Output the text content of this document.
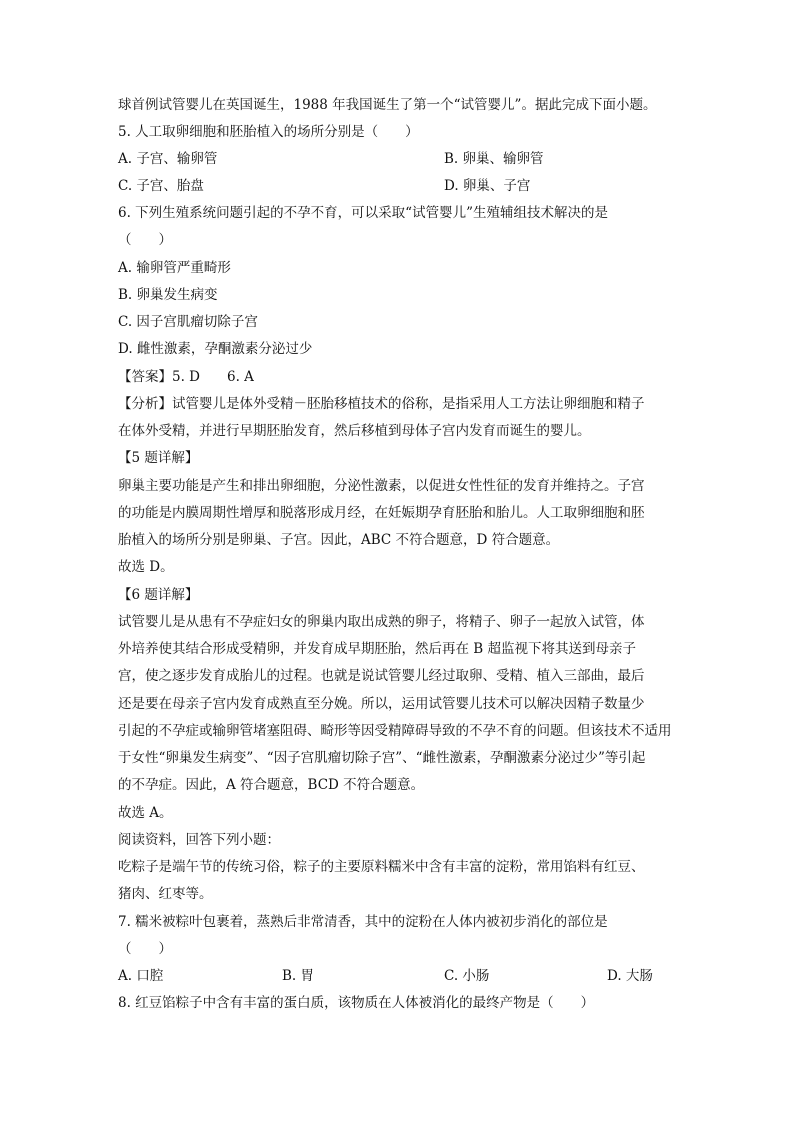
球首例试管婴儿在英国诞生，1988 年我国诞生了第一个“试管婴儿”。据此完成下面小题。
5. 人工取卵细胞和胚胎植入的场所分别是（　　）
A. 子宫、输卵管	B. 卵巢、输卵管
C. 子宫、胎盘	D. 卵巢、子宫
6. 下列生殖系统问题引起的不孕不育，可以采取“试管婴儿”生殖辅组技术解决的是
（　　）
A. 输卵管严重畸形
B. 卵巢发生病变
C. 因子宫肌瘤切除子宫
D. 雌性激素，孕酮激素分泌过少
【答案】5. D　　6. A
【分析】试管婴儿是体外受精－胚胎移植技术的俗称，是指采用人工方法让卵细胞和精子
在体外受精，并进行早期胚胎发育，然后移植到母体子宫内发育而诞生的婴儿。
【5 题详解】
卵巢主要功能是产生和排出卵细胞，分泌性激素，以促进女性性征的发育并维持之。子宫
的功能是内膜周期性增厚和脱落形成月经，在妊娠期孕育胚胎和胎儿。人工取卵细胞和胚
胎植入的场所分别是卵巢、子宫。因此，ABC 不符合题意，D 符合题意。
故选 D。
【6 题详解】
试管婴儿是从患有不孕症妇女的卵巢内取出成熟的卵子，将精子、卵子一起放入试管，体
外培养使其结合形成受精卵，并发育成早期胚胎，然后再在 B 超监视下将其送到母亲子
宫，使之逐步发育成胎儿的过程。也就是说试管婴儿经过取卵、受精、植入三部曲，最后
还是要在母亲子宫内发育成熟直至分娩。所以，运用试管婴儿技术可以解决因精子数量少
引起的不孕症或输卵管堵塞阻碍、畸形等因受精障碍导致的不孕不育的问题。但该技术不适用
于女性“卵巢发生病变”、“因子宫肌瘤切除子宫”、“雌性激素，孕酮激素分泌过少”等引起
的不孕症。因此，A 符合题意，BCD 不符合题意。
故选 A。
阅读资料，回答下列小题：
吃粽子是端午节的传统习俗，粽子的主要原料糯米中含有丰富的淀粉，常用馅料有红豆、
猪肉、红枣等。
7. 糯米被粽叶包裹着，蒸熟后非常清香，其中的淀粉在人体内被初步消化的部位是
（　　）
A. 口腔	B. 胃	C. 小肠	D. 大肠
8. 红豆馅粽子中含有丰富的蛋白质，该物质在人体被消化的最终产物是（　　）
